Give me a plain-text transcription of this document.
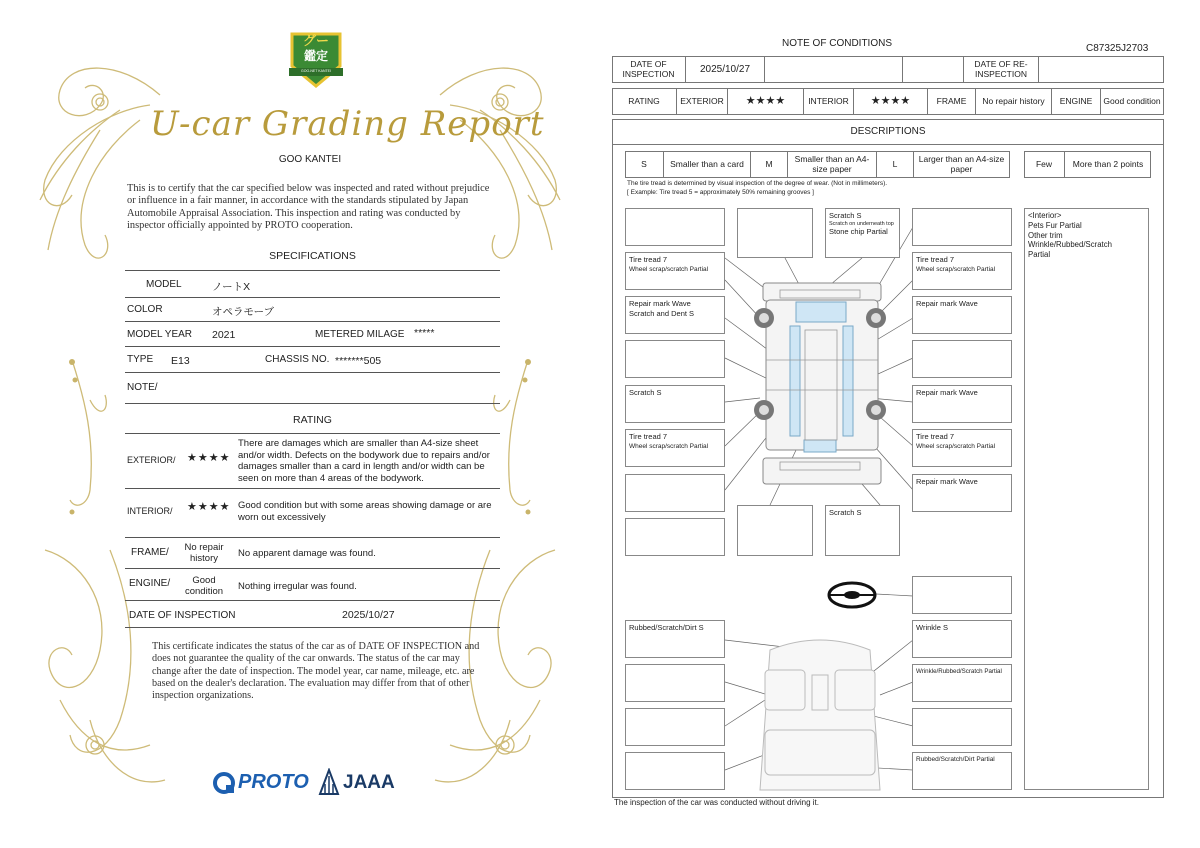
グー
鑑定
GOO-NET KANTEI
U-car Grading Report
GOO KANTEI
This is to certify that the car specified below was inspected and rated without prejudice or influence in a fair manner, in accordance with the standards stipulated by Japan Automobile Appraisal Association. This inspection and rating was conducted by inspector officially appointed by PROTO cooperation.
SPECIFICATIONS
MODEL	ノートX
COLOR	オペラモーブ
MODEL YEAR 2021	METERED MILAGE *****
TYPE E13	CHASSIS NO. *******505
NOTE/
RATING
EXTERIOR/ ★★★★
There are damages which are smaller than A4-size sheet and/or width. Defects on the bodywork due to repairs and/or damages smaller than a card in length and/or width can be seen on more than 4 areas of the bodywork.
INTERIOR/ ★★★★ Good condition but with some areas showing damage or are worn out excessively
FRAME/	No repair history	No apparent damage was found.
ENGINE/	Good condition	Nothing irregular was found.
DATE OF INSPECTION	2025/10/27
This certificate indicates the status of the car as of DATE OF INSPECTION and does not guarantee the quality of the car onwards. The status of the car may change after the date of inspection. The model year, car name, mileage, etc. are based on the dealer's declaration. The evaluation may differ from that of other inspection organizations.
PROTO JAAA
NOTE OF CONDITIONS	C87325J2703
DATE OF INSPECTION	2025/10/27	DATE OF RE-INSPECTION
RATING	EXTERIOR	★★★★	INTERIOR	★★★★	FRAME	No repair history	ENGINE	Good condition
DESCRIPTIONS
S	Smaller than a card	M	Smaller than an A4-size paper	L	Larger than an A4-size paper	Few	More than 2 points
The tire tread is determined by visual inspection of the degree of wear. (Not in millimeters).
[ Example: Tire tread 5 = approximately 50% remaining grooves ]
Scratch S
Scratch on underneath top
Stone chip Partial
Tire tread 7
Wheel scrap/scratch Partial
Repair mark Wave
Scratch and Dent S
Scratch S
Tire tread 7
Wheel scrap/scratch Partial
Scratch S
Tire tread 7
Wheel scrap/scratch Partial
Repair mark Wave
Repair mark Wave
Tire tread 7
Wheel scrap/scratch Partial
Repair mark Wave
Rubbed/Scratch/Dirt S	Wrinkle S
Wrinkle/Rubbed/Scratch Partial
Rubbed/Scratch/Dirt Partial
<Interior>
Pets Fur Partial
Other trim
Wrinkle/Rubbed/Scratch
Partial
The inspection of the car was conducted without driving it.
